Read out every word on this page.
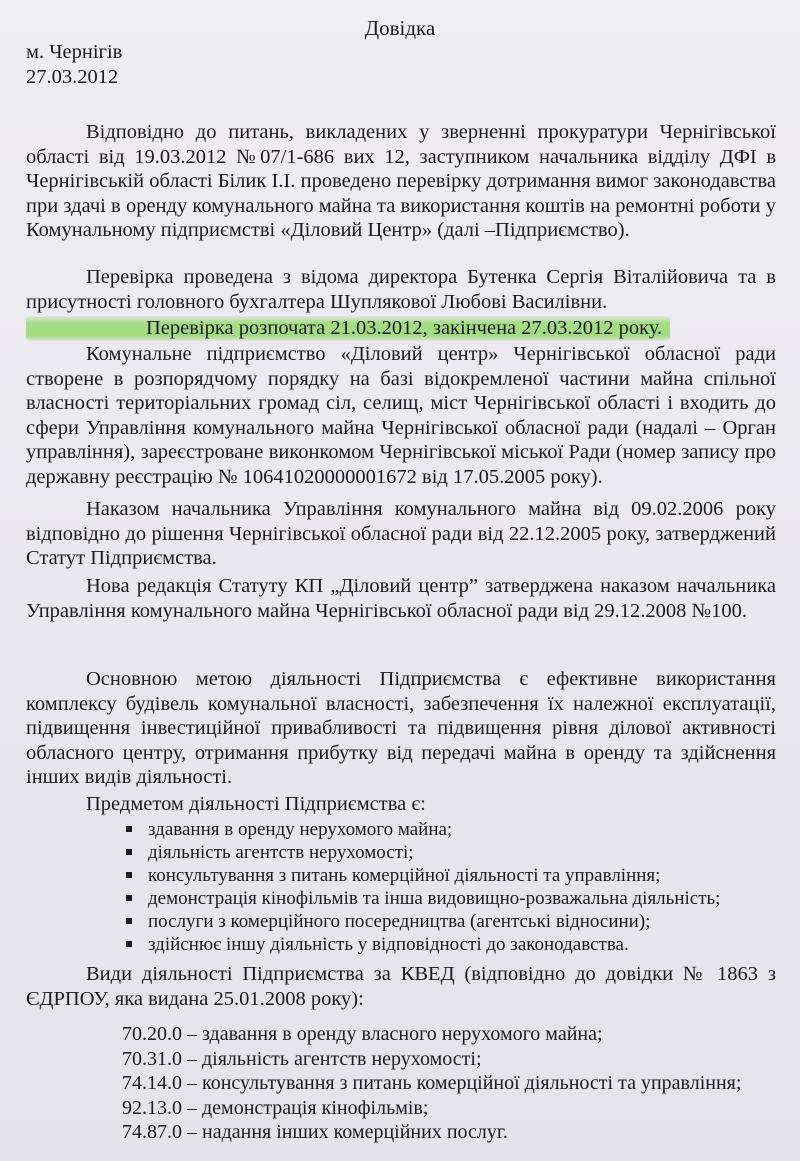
Довідка
м. Чернігів
27.03.2012

Відповідно до питань, викладених у зверненні прокуратури Чернігівської області від 19.03.2012 №07/1-686 вих 12, заступником начальника відділу ДФІ в Чернігівській області Білик І.І. проведено перевірку дотримання вимог законодавства при здачі в оренду комунального майна та використання коштів на ремонтні роботи у Комунальному підприємстві «Діловий Центр» (далі –Підприємство).

Перевірка проведена з відома директора Бутенка Сергія Віталійовича та в присутності головного бухгалтера Шуплякової Любові Василівни.

Перевірка розпочата 21.03.2012, закінчена 27.03.2012 року.

Комунальне підприємство «Діловий центр» Чернігівської обласної ради створене в розпорядчому порядку на базі відокремленої частини майна спільної власності територіальних громад сіл, селищ, міст Чернігівської області і входить до сфери Управління комунального майна Чернігівської обласної ради (надалі – Орган управління), зареєстроване виконкомом Чернігівської міської Ради (номер запису про державну реєстрацію № 10641020000001672 від 17.05.2005 року).

Наказом начальника Управління комунального майна від 09.02.2006 року відповідно до рішення Чернігівської обласної ради від 22.12.2005 року, затверджений Статут Підприємства.

Нова редакція Статуту КП „Діловий центр” затверджена наказом начальника Управління комунального майна Чернігівської обласної ради від 29.12.2008 №100.

Основною метою діяльності Підприємства є ефективне використання комплексу будівель комунальної власності, забезпечення їх належної експлуатації, підвищення інвестиційної привабливості та підвищення рівня ділової активності обласного центру, отримання прибутку від передачі майна в оренду та здійснення інших видів діяльності.

Предметом діяльності Підприємства є:

здавання в оренду нерухомого майна;
діяльність агентств нерухомості;
консультування з питань комерційної діяльності та управління;
демонстрація кінофільмів та інша видовищно-розважальна діяльність;
послуги з комерційного посередництва (агентські відносини);
здійснює іншу діяльність у відповідності до законодавства.

Види діяльності Підприємства за КВЕД (відповідно до довідки № 1863 з ЄДРПОУ, яка видана 25.01.2008 року):

70.20.0 – здавання в оренду власного нерухомого майна;
70.31.0 – діяльність агентств нерухомості;
74.14.0 – консультування з питань комерційної діяльності та управління;
92.13.0 – демонстрація кінофільмів;
74.87.0 – надання інших комерційних послуг.
